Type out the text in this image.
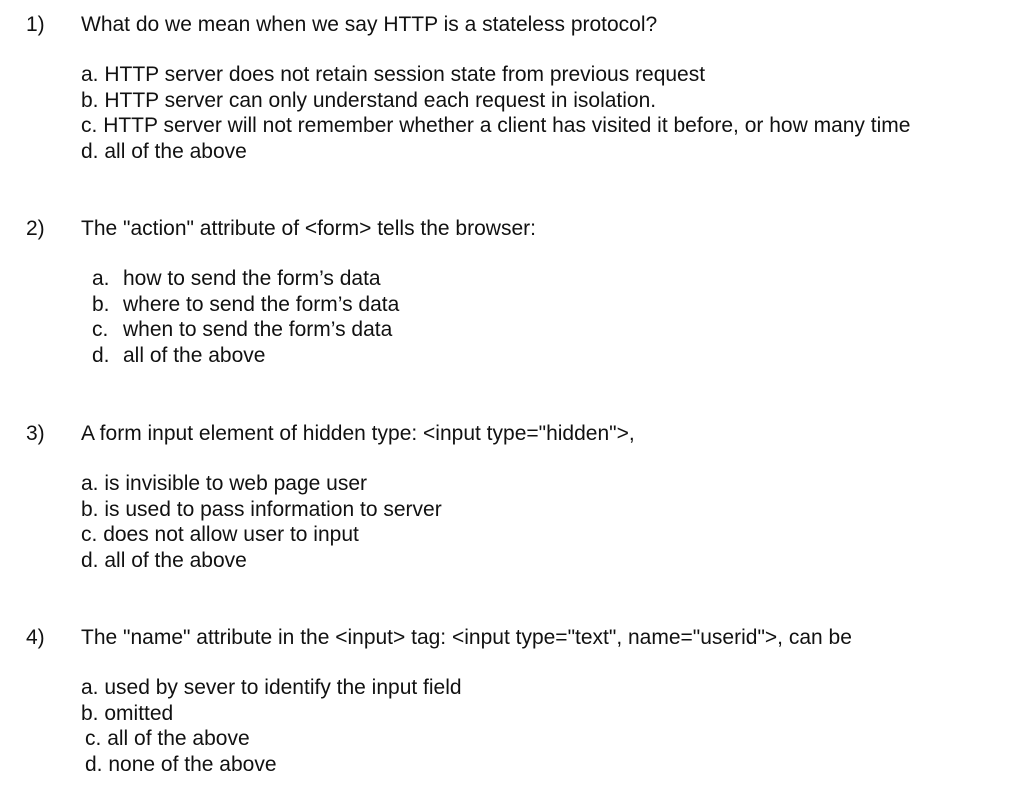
1) What do we mean when we say HTTP is a stateless protocol?
a. HTTP server does not retain session state from previous request
b. HTTP server can only understand each request in isolation.
c. HTTP server will not remember whether a client has visited it before, or how many time
d. all of the above
2) The "action" attribute of <form> tells the browser:
a. how to send the form’s data
b. where to send the form’s data
c. when to send the form’s data
d. all of the above
3) A form input element of hidden type: <input type="hidden">,
a. is invisible to web page user
b. is used to pass information to server
c. does not allow user to input
d. all of the above
4) The "name" attribute in the <input> tag: <input type="text", name="userid">, can be
a. used by sever to identify the input field
b. omitted
c. all of the above
d. none of the above
